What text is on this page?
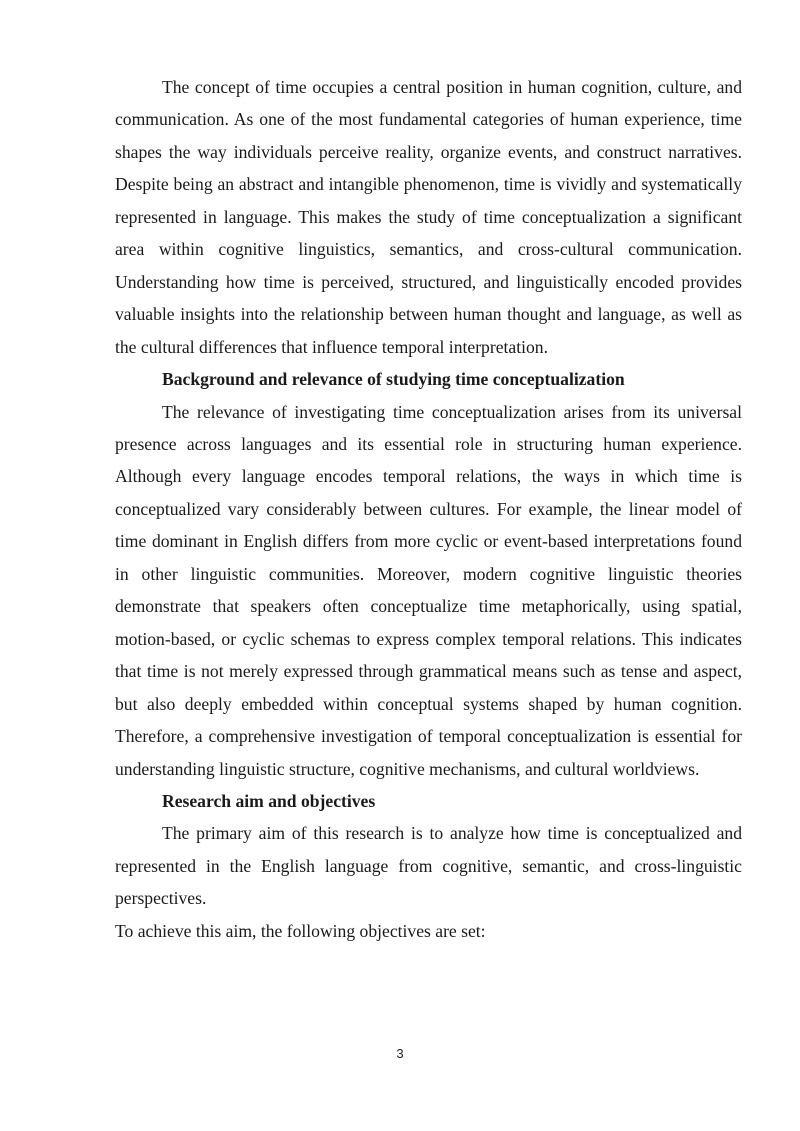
The concept of time occupies a central position in human cognition, culture, and communication. As one of the most fundamental categories of human experience, time shapes the way individuals perceive reality, organize events, and construct narratives. Despite being an abstract and intangible phenomenon, time is vividly and systematically represented in language. This makes the study of time conceptualization a significant area within cognitive linguistics, semantics, and cross-cultural communication. Understanding how time is perceived, structured, and linguistically encoded provides valuable insights into the relationship between human thought and language, as well as the cultural differences that influence temporal interpretation.

Background and relevance of studying time conceptualization

The relevance of investigating time conceptualization arises from its universal presence across languages and its essential role in structuring human experience. Although every language encodes temporal relations, the ways in which time is conceptualized vary considerably between cultures. For example, the linear model of time dominant in English differs from more cyclic or event-based interpretations found in other linguistic communities. Moreover, modern cognitive linguistic theories demonstrate that speakers often conceptualize time metaphorically, using spatial, motion-based, or cyclic schemas to express complex temporal relations. This indicates that time is not merely expressed through grammatical means such as tense and aspect, but also deeply embedded within conceptual systems shaped by human cognition. Therefore, a comprehensive investigation of temporal conceptualization is essential for understanding linguistic structure, cognitive mechanisms, and cultural worldviews.

Research aim and objectives

The primary aim of this research is to analyze how time is conceptualized and represented in the English language from cognitive, semantic, and cross-linguistic perspectives.

To achieve this aim, the following objectives are set:

3
